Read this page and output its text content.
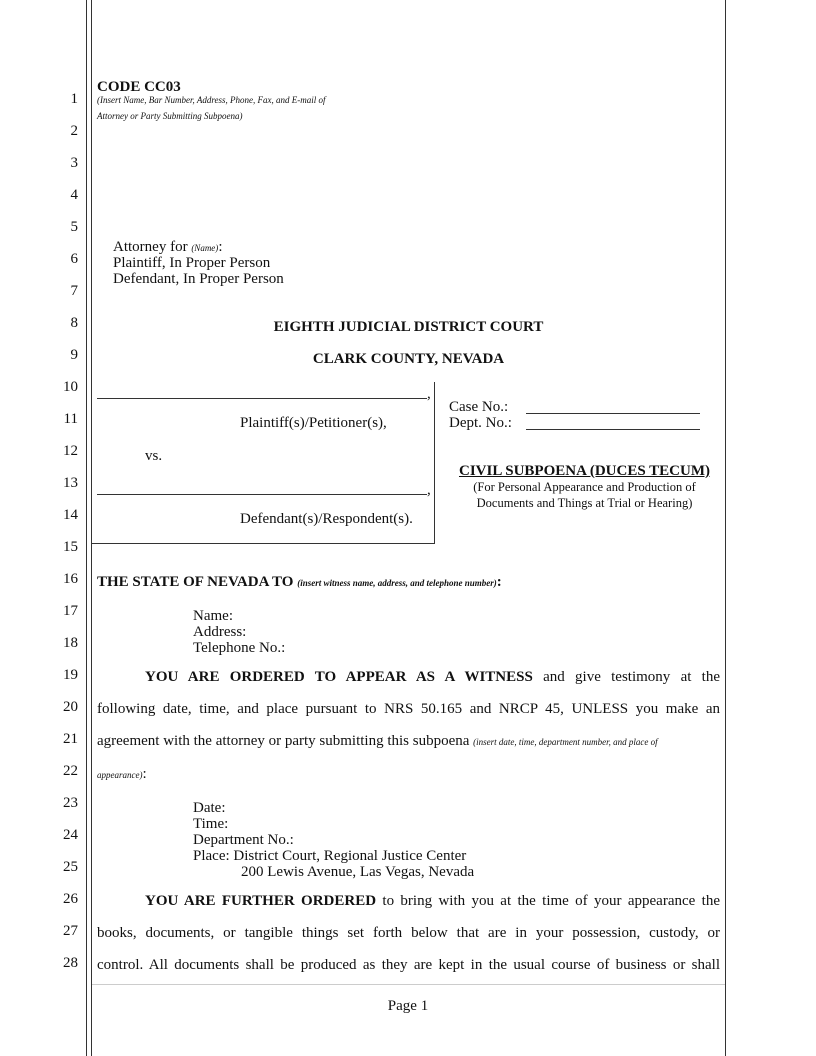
1
2
3
4
5
6
7
8
9
10
11
12
13
14
15
16
17
18
19
20
21
22
23
24
25
26
27
28
CODE CC03
(Insert Name, Bar Number, Address, Phone, Fax, and E-mail of
Attorney or Party Submitting Subpoena)
Attorney for (Name):
Plaintiff, In Proper Person
Defendant, In Proper Person
EIGHTH JUDICIAL DISTRICT COURT
CLARK COUNTY, NEVADA
,
Plaintiff(s)/Petitioner(s),
vs.
,
Defendant(s)/Respondent(s).
Case No.:
Dept. No.:
CIVIL SUBPOENA (DUCES TECUM)
(For Personal Appearance and Production of
Documents and Things at Trial or Hearing)
THE STATE OF NEVADA TO (insert witness name, address, and telephone number):
Name:
Address:
Telephone No.:
YOU ARE ORDERED TO APPEAR AS A WITNESS and give testimony at the
following date, time, and place pursuant to NRS 50.165 and NRCP 45, UNLESS you make an
agreement with the attorney or party submitting this subpoena (insert date, time, department number, and place of
appearance):
Date:
Time:
Department No.:
Place: District Court, Regional Justice Center
200 Lewis Avenue, Las Vegas, Nevada
YOU ARE FURTHER ORDERED to bring with you at the time of your appearance the
books, documents, or tangible things set forth below that are in your possession, custody, or
control. All documents shall be produced as they are kept in the usual course of business or shall
Page 1
